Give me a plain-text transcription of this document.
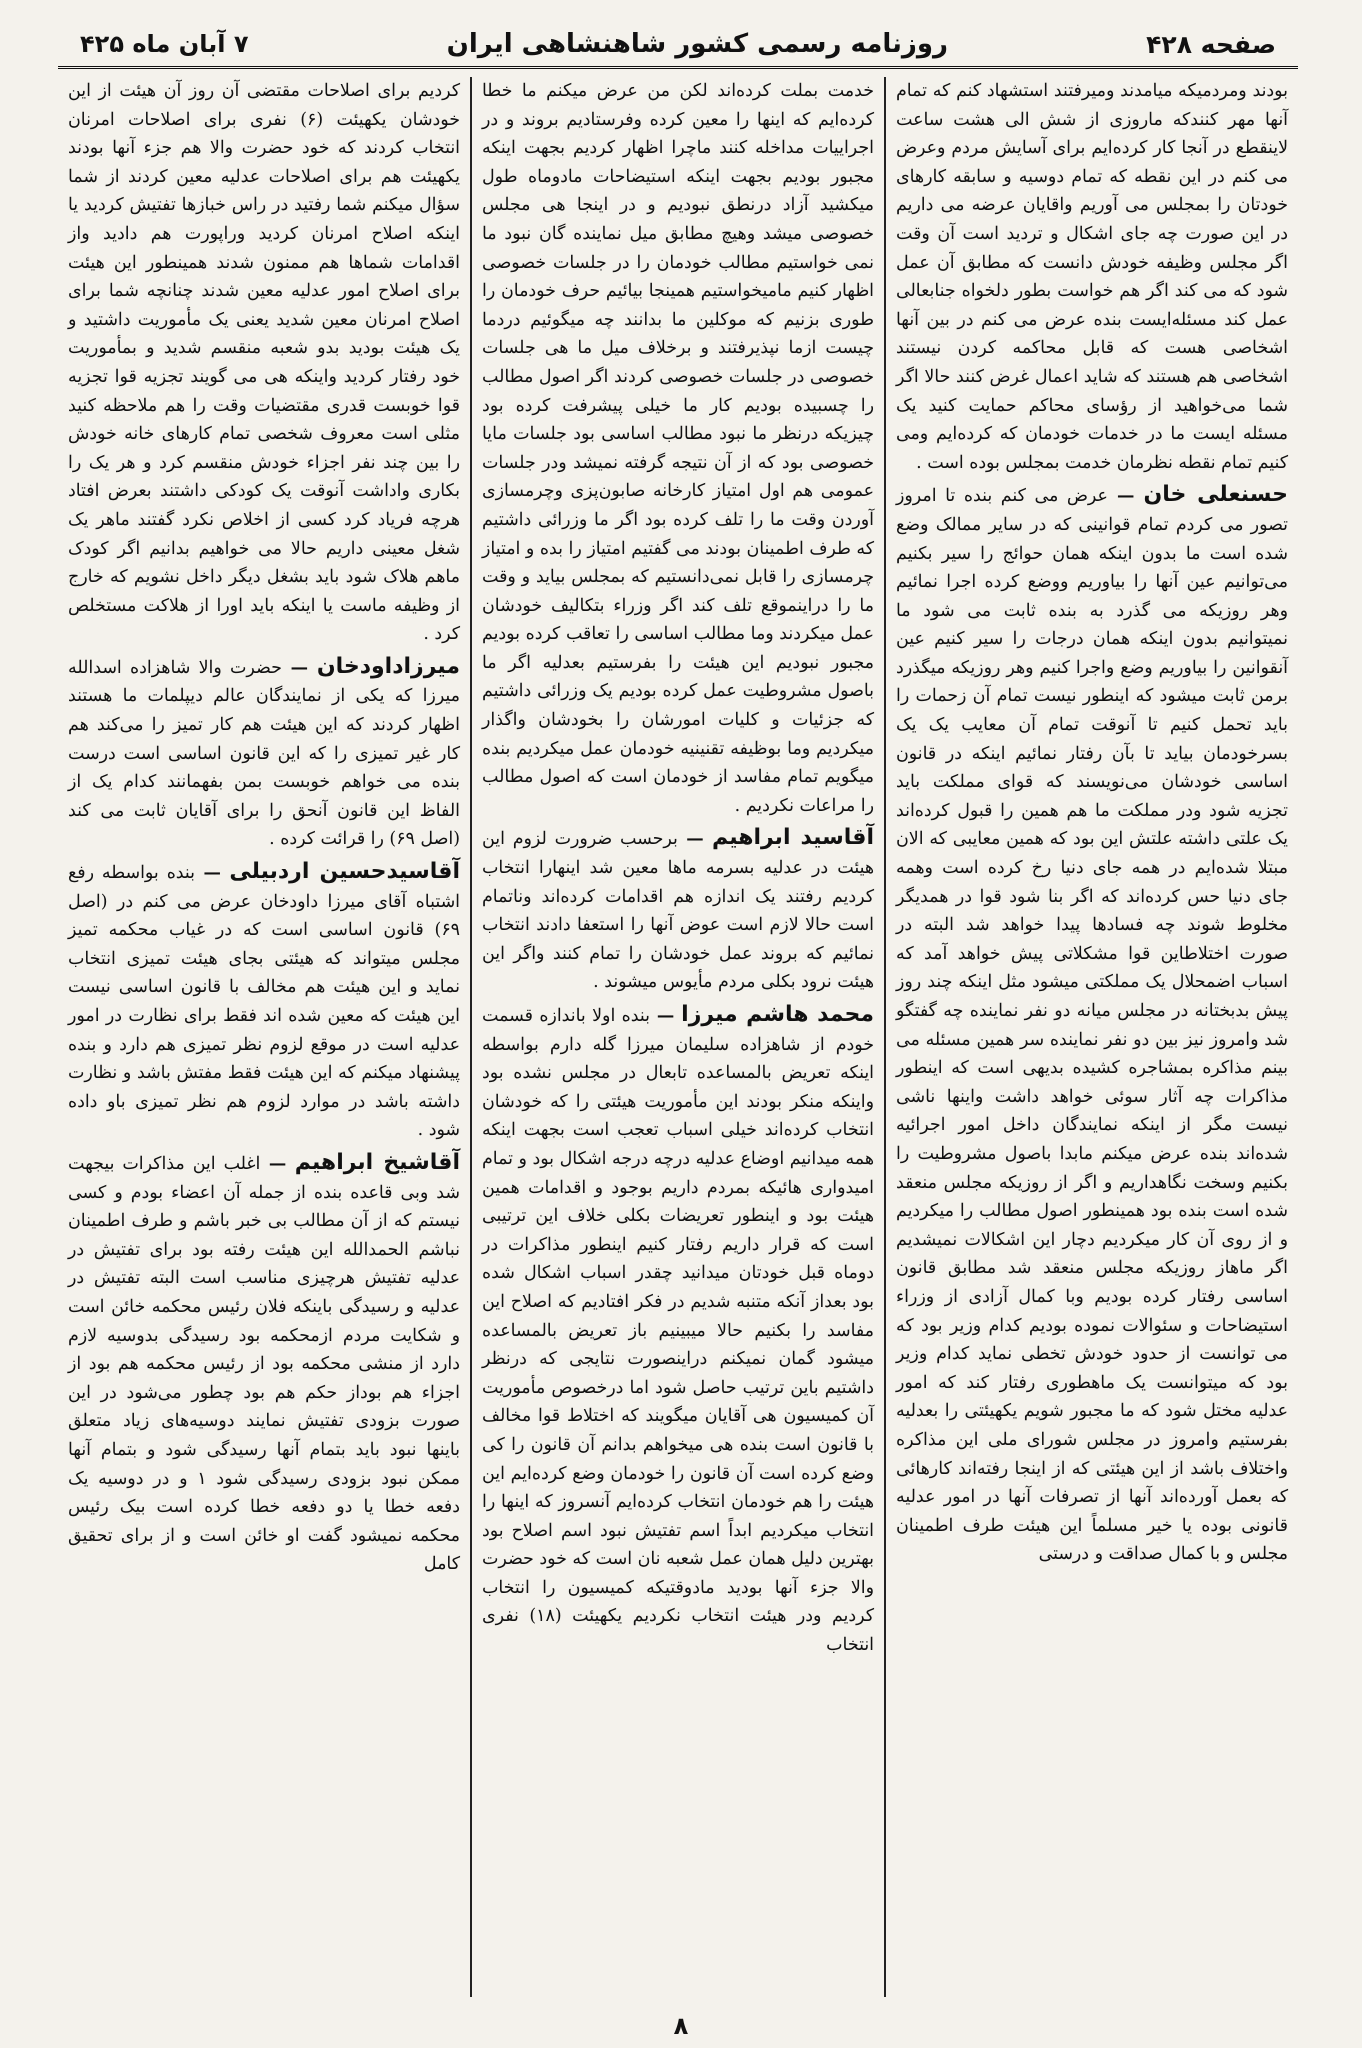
صفحه ۴۲۸
روزنامه رسمی کشور شاهنشاهی ایران
۷ آبان ماه ۴۲۵

بودند ومردمیکه میامدند ومیرفتند استشهاد کنم که تمام آنها مهر کنندکه ماروزی از شش الی هشت ساعت لاینقطع در آنجا کار کرده‌ایم برای آسایش مردم وعرض می کنم در این نقطه که تمام دوسیه و سابقه کارهای خودتان را بمجلس می آوریم واقایان عرضه می داریم در این صورت چه جای اشکال و تردید است آن وقت اگر مجلس وظیفه خودش دانست که مطابق آن عمل شود که می کند اگر هم خواست بطور دلخواه جنابعالی عمل کند مسئله‌ایست بنده عرض می کنم در بین آنها اشخاصی هست که قابل محاکمه کردن نیستند اشخاصی هم هستند که شاید اعمال غرض کنند حالا اگر شما می‌خواهید از رؤسای محاکم حمایت کنید یک مسئله ایست ما در خدمات خودمان که کرده‌ایم ومی کنیم تمام نقطه نظرمان خدمت بمجلس بوده است .

حسنعلی خان — عرض می کنم بنده تا امروز تصور می کردم تمام قوانینی که در سایر ممالک وضع شده است ما بدون اینکه همان حوائج را سیر بکنیم می‌توانیم عین آنها را بیاوریم ووضع کرده اجرا نمائیم وهر روزیکه می گذرد به بنده ثابت می شود ما نمیتوانیم بدون اینکه همان درجات را سیر کنیم عین آنقوانین را بیاوریم وضع واجرا کنیم وهر روزیکه میگذرد برمن ثابت میشود که اینطور نیست تمام آن زحمات را باید تحمل کنیم تا آنوقت تمام آن معایب یک یک بسرخودمان بیاید تا بآن رفتار نمائیم اینکه در قانون اساسی خودشان می‌نویسند که قوای مملکت باید تجزیه شود ودر مملکت ما هم همین را قبول کرده‌اند یک علتی داشته علتش این بود که همین معایبی که الان مبتلا شده‌ایم در همه جای دنیا رخ کرده است وهمه جای دنیا حس کرده‌اند که اگر بنا شود قوا در همدیگر مخلوط شوند چه فسادها پیدا خواهد شد البته در صورت اختلاطاین قوا مشکلاتی پیش خواهد آمد که اسباب اضمحلال یک مملکتی میشود مثل اینکه چند روز پیش بدبختانه در مجلس میانه دو نفر نماینده چه گفتگو شد وامروز نیز بین دو نفر نماینده سر همین مسئله می بینم مذاکره بمشاجره کشیده بدیهی است که اینطور مذاکرات چه آثار سوئی خواهد داشت واینها ناشی نیست مگر از اینکه نمایندگان داخل امور اجرائیه شده‌اند بنده عرض میکنم مابدا باصول مشروطیت را بکنیم وسخت نگاهداریم و اگر از روزیکه مجلس منعقد شده است بنده بود همینطور اصول مطالب را میکردیم و از روی آن کار میکردیم دچار این اشکالات نمیشدیم اگر ماهاز روزیکه مجلس منعقد شد مطابق قانون اساسی رفتار کرده بودیم وبا کمال آزادی از وزراء استیضاحات و سئوالات نموده بودیم کدام وزیر بود که می توانست از حدود خودش تخطی نماید کدام وزیر بود که میتوانست یک ماهطوری رفتار کند که امور عدلیه مختل شود که ما مجبور شویم یکهیئتی را بعدلیه بفرستیم وامروز در مجلس شورای ملی این مذاکره واختلاف باشد از این هیئتی که از اینجا رفته‌اند کارهائی که بعمل آورده‌اند آنها از تصرفات آنها در امور عدلیه قانونی بوده یا خیر مسلماً این هیئت طرف اطمینان مجلس و با کمال صداقت و درستی

خدمت بملت کرده‌اند لکن من عرض میکنم ما خطا کرده‌ایم که اینها را معین کرده وفرستادیم بروند و در اجراییات مداخله کنند ماچرا اظهار کردیم بجهت اینکه مجبور بودیم بجهت اینکه استیضاحات مادوماه طول میکشید آزاد درنطق نبودیم و در اینجا هی مجلس خصوصی میشد وهیچ مطابق میل نماینده گان نبود ما نمی خواستیم مطالب خودمان را در جلسات خصوصی اظهار کنیم مامیخواستیم همینجا بیائیم حرف خودمان را طوری بزنیم که موکلین ما بدانند چه میگوئیم دردما چیست ازما نپذیرفتند و برخلاف میل ما هی جلسات خصوصی در جلسات خصوصی کردند اگر اصول مطالب را چسبیده بودیم کار ما خیلی پیشرفت کرده بود چیزیکه درنظر ما نبود مطالب اساسی بود جلسات مایا خصوصی بود که از آن نتیجه گرفته نمیشد ودر جلسات عمومی هم اول امتیاز کارخانه صابون‌پزی وچرمسازی آوردن وقت ما را تلف کرده بود اگر ما وزرائی داشتیم که طرف اطمینان بودند می گفتیم امتیاز را بده و امتیاز چرمسازی را قابل نمی‌دانستیم که بمجلس بیاید و وقت ما را دراینموقع تلف کند اگر وزراء بتکالیف خودشان عمل میکردند وما مطالب اساسی را تعاقب کرده بودیم مجبور نبودیم این هیئت را بفرستیم بعدلیه اگر ما باصول مشروطیت عمل کرده بودیم یک وزرائی داشتیم که جزئیات و کلیات امورشان را بخودشان واگذار میکردیم وما بوظیفه تقنینیه خودمان عمل میکردیم بنده میگویم تمام مفاسد از خودمان است که اصول مطالب را مراعات نکردیم .

آقاسید ابراهیم — برحسب ضرورت لزوم این هیئت در عدلیه بسرمه ماها معین شد اینهارا انتخاب کردیم رفتند یک اندازه هم اقدامات کرده‌اند وناتمام است حالا لازم است عوض آنها را استعفا دادند انتخاب نمائیم که بروند عمل خودشان را تمام کنند واگر این هیئت نرود بکلی مردم مأیوس میشوند .

محمد هاشم میرزا — بنده اولا باندازه قسمت خودم از شاهزاده سلیمان میرزا گله دارم بواسطه اینکه تعریض بالمساعده تابعال در مجلس نشده بود واینکه منکر بودند این مأموریت هیئتی را که خودشان انتخاب کرده‌اند خیلی اسباب تعجب است بجهت اینکه همه میدانیم اوضاع عدلیه درچه درجه اشکال بود و تمام امیدواری هائیکه بمردم داریم بوجود و اقدامات همین هیئت بود و اینطور تعریضات بکلی خلاف این ترتیبی است که قرار داریم رفتار کنیم اینطور مذاکرات در دوماه قبل خودتان میدانید چقدر اسباب اشکال شده بود بعداز آنکه متنبه شدیم در فکر افتادیم که اصلاح این مفاسد را بکنیم حالا میبینیم باز تعریض بالمساعده میشود گمان نمیکنم دراینصورت نتایجی که درنظر داشتیم باین ترتیب حاصل شود اما درخصوص مأموریت آن کمیسیون هی آقایان میگویند که اختلاط قوا مخالف با قانون است بنده هی میخواهم بدانم آن قانون را کی وضع کرده است آن قانون را خودمان وضع کرده‌ایم این هیئت را هم خودمان انتخاب کرده‌ایم آنسروز که اینها را انتخاب میکردیم ابداً اسم تفتیش نبود اسم اصلاح بود بهترین دلیل همان عمل شعبه نان است که خود حضرت والا جزء آنها بودید مادوقتیکه کمیسیون را انتخاب کردیم ودر هیئت انتخاب نکردیم یکهیئت (۱۸) نفری انتخاب

کردیم برای اصلاحات مقتضی آن روز آن هیئت از این خودشان یکهیئت (۶) نفری برای اصلاحات امرنان انتخاب کردند که خود حضرت والا هم جزء آنها بودند یکهیئت هم برای اصلاحات عدلیه معین کردند از شما سؤال میکنم شما رفتید در راس خبازها تفتیش کردید یا اینکه اصلاح امرنان کردید وراپورت هم دادید واز اقدامات شماها هم ممنون شدند همینطور این هیئت برای اصلاح امور عدلیه معین شدند چنانچه شما برای اصلاح امرنان معین شدید یعنی یک مأموریت داشتید و یک هیئت بودید بدو شعبه منقسم شدید و بمأموریت خود رفتار کردید واینکه هی می گویند تجزیه قوا تجزیه قوا خوبست قدری مقتضیات وقت را هم ملاحظه کنید مثلی است معروف شخصی تمام کارهای خانه خودش را بین چند نفر اجزاء خودش منقسم کرد و هر یک را بکاری واداشت آنوقت یک کودکی داشتند بعرض افتاد هرچه فریاد کرد کسی از اخلاص نکرد گفتند ماهر یک شغل معینی داریم حالا می خواهیم بدانیم اگر کودک ماهم هلاک شود باید بشغل دیگر داخل نشویم که خارج از وظیفه ماست یا اینکه باید اورا از هلاکت مستخلص کرد .

میرزاداودخان — حضرت والا شاهزاده اسدالله میرزا که یکی از نمایندگان عالم دیپلمات ما هستند اظهار کردند که این هیئت هم کار تمیز را می‌کند هم کار غیر تمیزی را که این قانون اساسی است درست بنده می خواهم خوبست بمن بفهمانند کدام یک از الفاظ این قانون آنحق را برای آقایان ثابت می کند (اصل ۶۹) را قرائت کرده .

آقاسیدحسین اردبیلی — بنده بواسطه رفع اشتباه آقای میرزا داودخان عرض می کنم در (اصل ۶۹) قانون اساسی است که در غیاب محکمه تمیز مجلس میتواند که هیئتی بجای هیئت تمیزی انتخاب نماید و این هیئت هم مخالف با قانون اساسی نیست این هیئت که معین شده اند فقط برای نظارت در امور عدلیه است در موقع لزوم نظر تمیزی هم دارد و بنده پیشنهاد میکنم که این هیئت فقط مفتش باشد و نظارت داشته باشد در موارد لزوم هم نظر تمیزی باو داده شود .

آقاشیخ ابراهیم — اغلب این مذاکرات بیجهت شد وبی قاعده بنده از جمله آن اعضاء بودم و کسی نیستم که از آن مطالب بی خبر باشم و طرف اطمینان نباشم الحمدالله این هیئت رفته بود برای تفتیش در عدلیه تفتیش هرچیزی مناسب است البته تفتیش در عدلیه و رسیدگی باینکه فلان رئیس محکمه خائن است و شکایت مردم ازمحکمه بود رسیدگی بدوسیه لازم دارد از منشی محکمه بود از رئیس محکمه هم بود از اجزاء هم بوداز حکم هم بود چطور می‌شود در این صورت بزودی تفتیش نمایند دوسیه‌های زیاد متعلق باینها نبود باید بتمام آنها رسیدگی شود و بتمام آنها ممکن نبود بزودی رسیدگی شود ۱ و در دوسیه یک دفعه خطا یا دو دفعه خطا کرده است بیک رئیس محکمه نمیشود گفت او خائن است و از برای تحقیق کامل

۸
